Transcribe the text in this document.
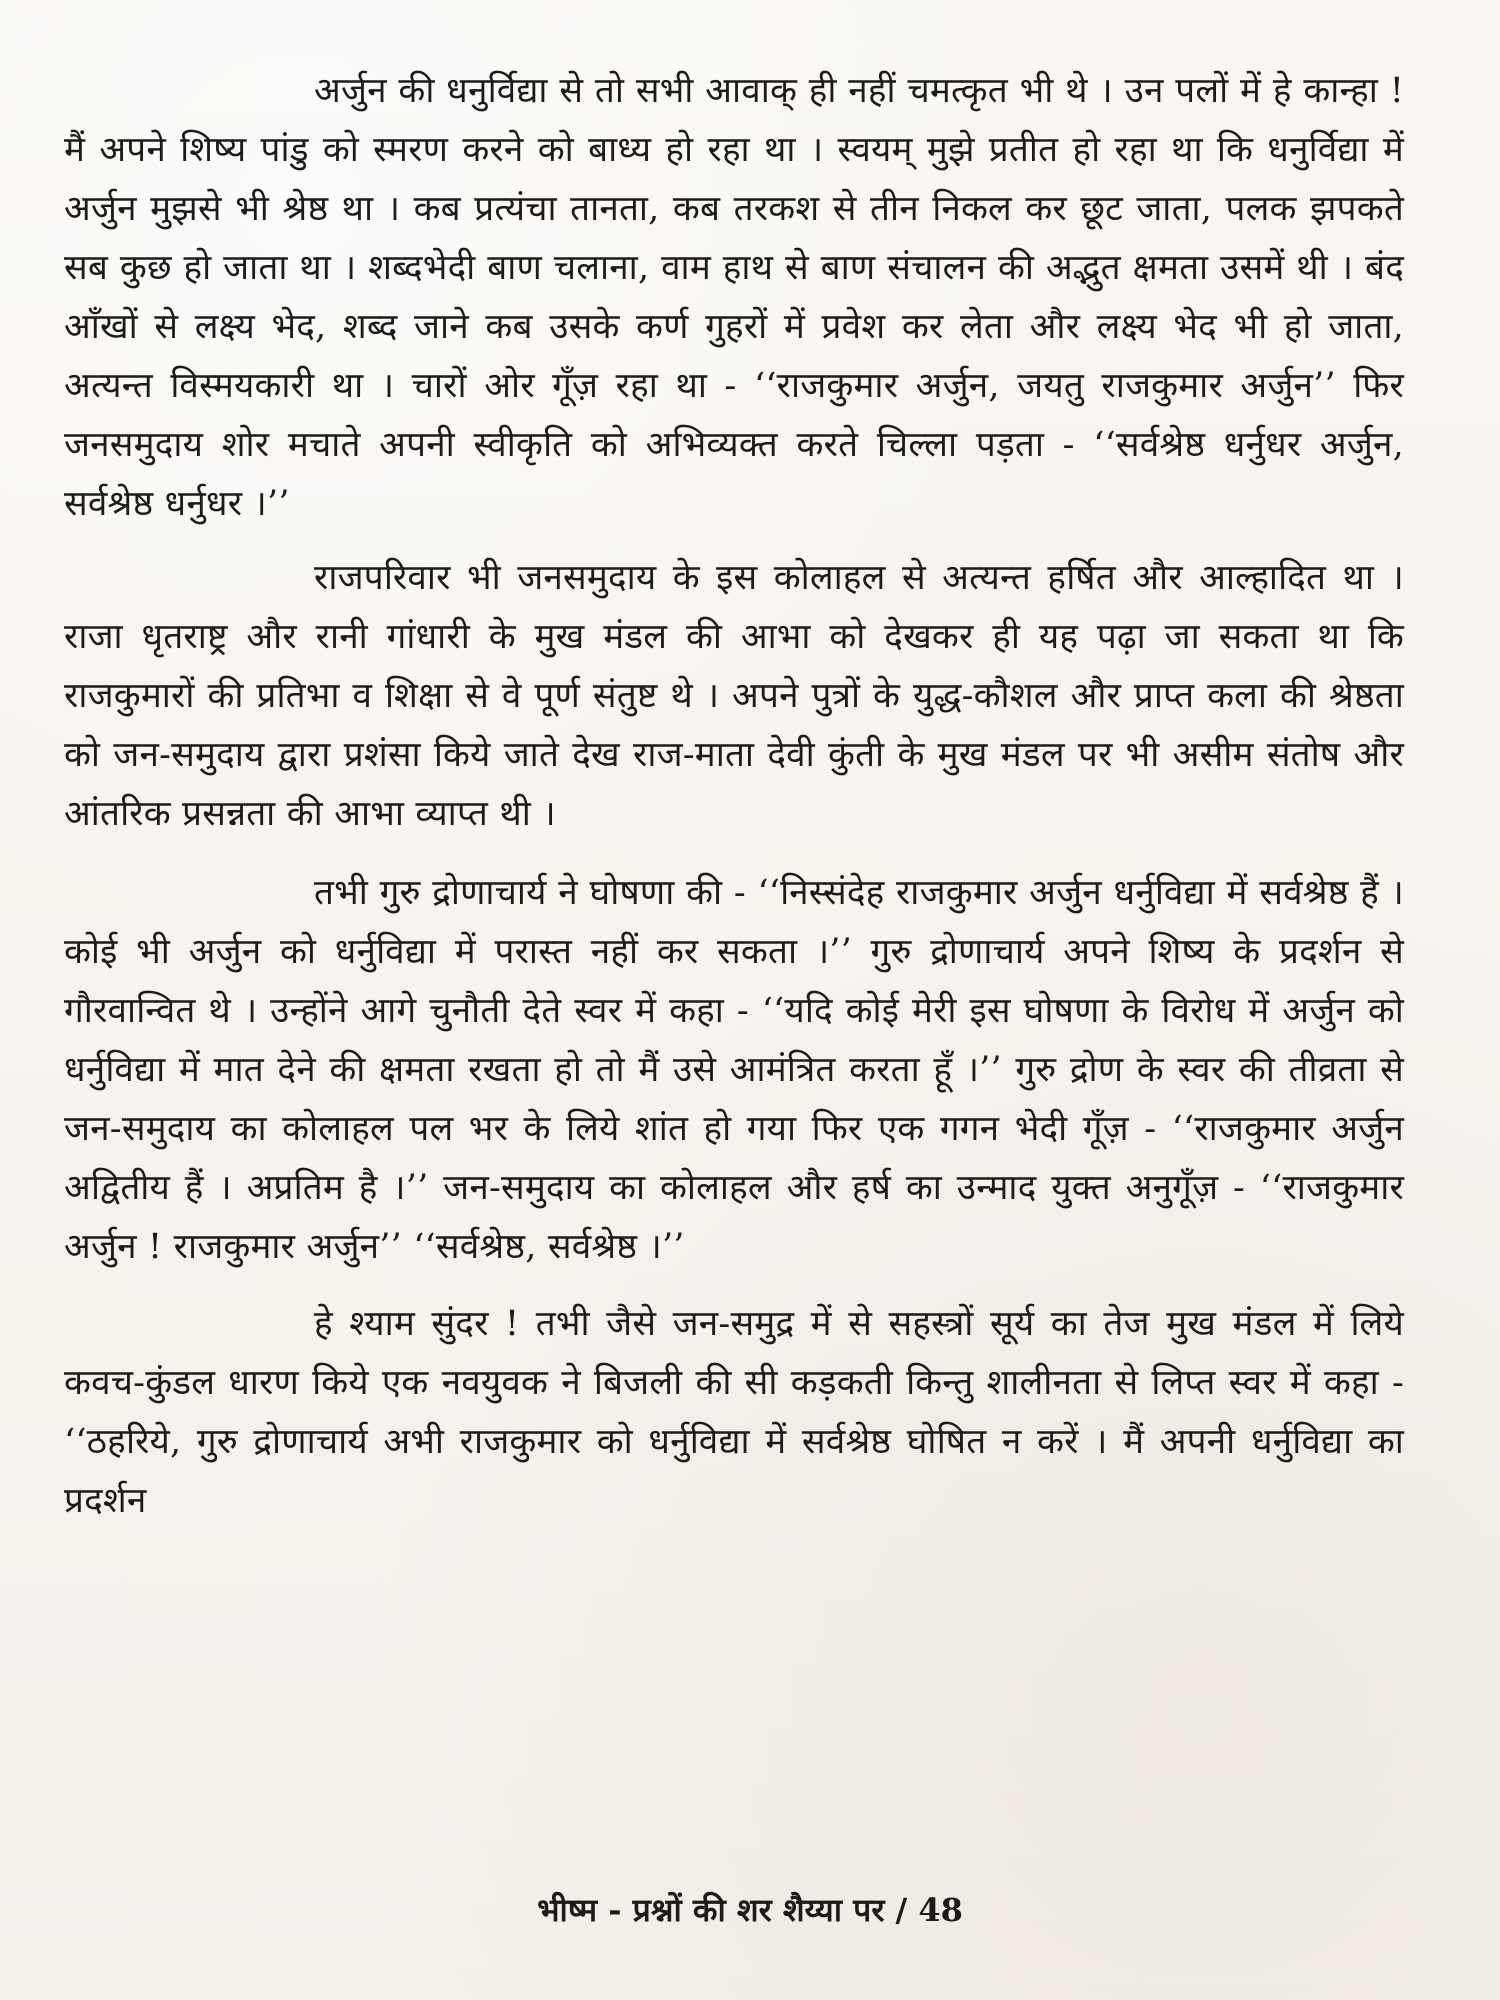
अर्जुन की धनुर्विद्या से तो सभी आवाक् ही नहीं चमत्कृत भी थे । उन पलों में हे कान्हा ! मैं अपने शिष्य पांडु को स्मरण करने को बाध्य हो रहा था । स्वयम् मुझे प्रतीत हो रहा था कि धनुर्विद्या में अर्जुन मुझसे भी श्रेष्ठ था । कब प्रत्यंचा तानता, कब तरकश से तीन निकल कर छूट जाता, पलक झपकते सब कुछ हो जाता था । शब्दभेदी बाण चलाना, वाम हाथ से बाण संचालन की अद्भुत क्षमता उसमें थी । बंद आँखों से लक्ष्य भेद, शब्द जाने कब उसके कर्ण गुहरों में प्रवेश कर लेता और लक्ष्य भेद भी हो जाता, अत्यन्त विस्मयकारी था । चारों ओर गूँज़ रहा था - ‘‘राजकुमार अर्जुन, जयतु राजकुमार अर्जुन’’ फिर जनसमुदाय शोर मचाते अपनी स्वीकृति को अभिव्यक्त करते चिल्ला पड़ता - ‘‘सर्वश्रेष्ठ धर्नुधर अर्जुन, सर्वश्रेष्ठ धर्नुधर ।’’

राजपरिवार भी जनसमुदाय के इस कोलाहल से अत्यन्त हर्षित और आल्हादित था । राजा धृतराष्ट्र और रानी गांधारी के मुख मंडल की आभा को देखकर ही यह पढ़ा जा सकता था कि राजकुमारों की प्रतिभा व शिक्षा से वे पूर्ण संतुष्ट थे । अपने पुत्रों के युद्ध-कौशल और प्राप्त कला की श्रेष्ठता को जन-समुदाय द्वारा प्रशंसा किये जाते देख राज-माता देवी कुंती के मुख मंडल पर भी असीम संतोष और आंतरिक प्रसन्नता की आभा व्याप्त थी ।

तभी गुरु द्रोणाचार्य ने घोषणा की - ‘‘निस्संदेह राजकुमार अर्जुन धर्नुविद्या में सर्वश्रेष्ठ हैं । कोई भी अर्जुन को धर्नुविद्या में परास्त नहीं कर सकता ।’’ गुरु द्रोणाचार्य अपने शिष्य के प्रदर्शन से गौरवान्वित थे । उन्होंने आगे चुनौती देते स्वर में कहा - ‘‘यदि कोई मेरी इस घोषणा के विरोध में अर्जुन को धर्नुविद्या में मात देने की क्षमता रखता हो तो मैं उसे आमंत्रित करता हूँ ।’’ गुरु द्रोण के स्वर की तीव्रता से जन-समुदाय का कोलाहल पल भर के लिये शांत हो गया फिर एक गगन भेदी गूँज़ - ‘‘राजकुमार अर्जुन अद्वितीय हैं । अप्रतिम है ।’’ जन-समुदाय का कोलाहल और हर्ष का उन्माद युक्त अनुगूँज़ - ‘‘राजकुमार अर्जुन ! राजकुमार अर्जुन’’ ‘‘सर्वश्रेष्ठ, सर्वश्रेष्ठ ।’’

हे श्याम सुंदर ! तभी जैसे जन-समुद्र में से सहस्त्रों सूर्य का तेज मुख मंडल में लिये कवच-कुंडल धारण किये एक नवयुवक ने बिजली की सी कड़कती किन्तु शालीनता से लिप्त स्वर में कहा - ‘‘ठहरिये, गुरु द्रोणाचार्य अभी राजकुमार को धर्नुविद्या में सर्वश्रेष्ठ घोषित न करें । मैं अपनी धर्नुविद्या का प्रदर्शन

भीष्म - प्रश्नों की शर शैय्या पर / 48
